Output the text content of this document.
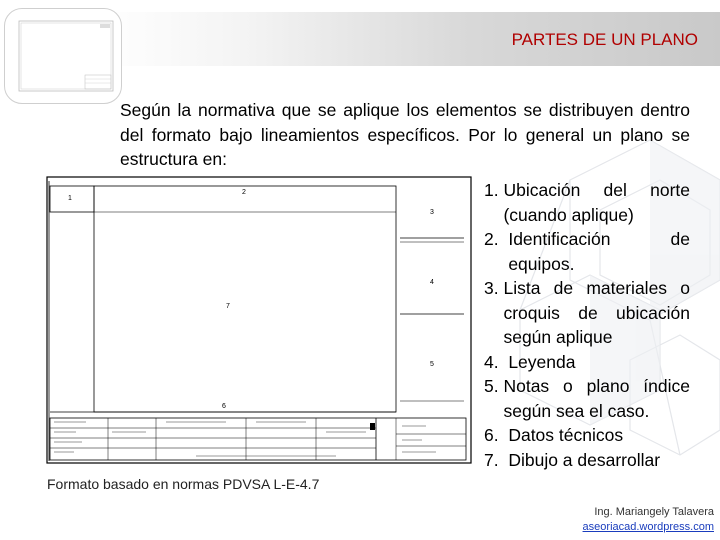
PARTES DE UN PLANO
Según la normativa que se aplique los elementos se distribuyen dentro del formato bajo lineamientos específicos. Por lo general un plano se estructura en:
1
2
3
4
5
6
7
Formato basado en normas PDVSA L-E-4.7
1. Ubicación del norte (cuando aplique)
2. Identificación de equipos.
3. Lista de materiales o croquis de ubicación según aplique
4. Leyenda
5. Notas o plano índice según sea el caso.
6. Datos técnicos
7. Dibujo a desarrollar
Ing. Mariangely Talavera
aseoriacad.wordpress.com
